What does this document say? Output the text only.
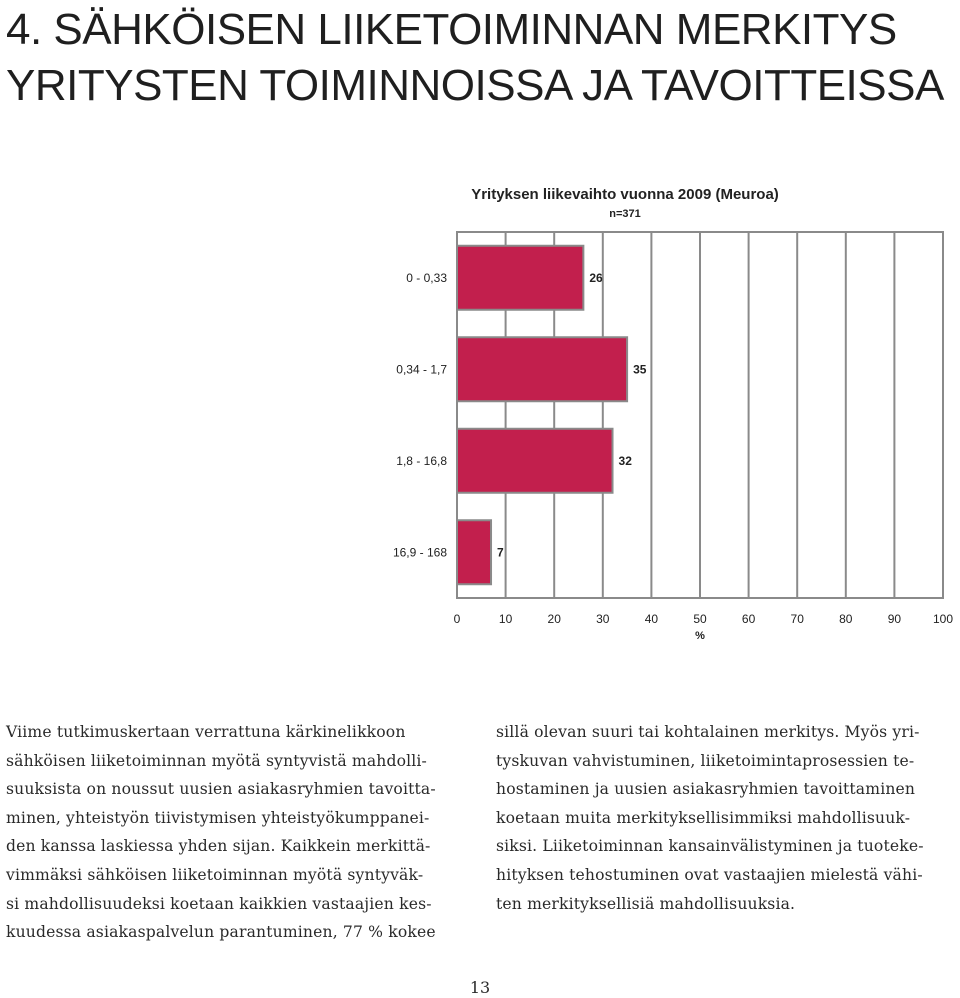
4. SÄHKÖISEN LIIKETOIMINNAN MERKITYS
YRITYSTEN TOIMINNOISSA JA TAVOITTEISSA
Yrityksen liikevaihto vuonna 2009 (Meuroa)
n=371
0	10	20	30	40	50	60	70	80	90	100
%
0 - 0,33	26
0,34 - 1,7	35
1,8 - 16,8	32
16,9 - 168	7
Viime tutkimuskertaan verrattuna kärkinelikkoon
sähköisen liiketoiminnan myötä syntyvistä mahdolli-
suuksista on noussut uusien asiakasryhmien tavoitta-
minen, yhteistyön tiivistymisen yhteistyökumppanei-
den kanssa laskiessa yhden sijan. Kaikkein merkittä-
vimmäksi sähköisen liiketoiminnan myötä syntyväk-
si mahdollisuudeksi koetaan kaikkien vastaajien kes-
kuudessa asiakaspalvelun parantuminen, 77 % kokee
sillä olevan suuri tai kohtalainen merkitys. Myös yri-
tyskuvan vahvistuminen, liiketoimintaprosessien te-
hostaminen ja uusien asiakasryhmien tavoittaminen
koetaan muita merkityksellisimmiksi mahdollisuuk-
siksi. Liiketoiminnan kansainvälistyminen ja tuoteke-
hityksen tehostuminen ovat vastaajien mielestä vähi-
ten merkityksellisiä mahdollisuuksia.
13
